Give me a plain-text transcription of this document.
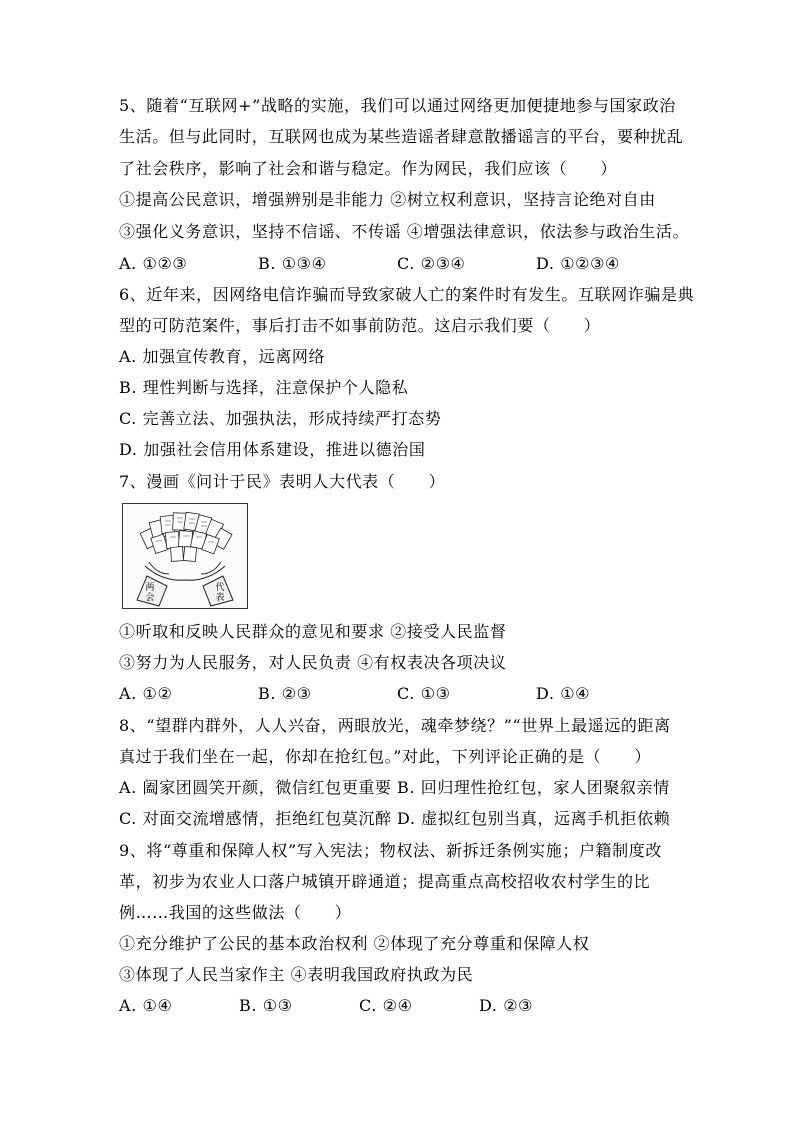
5、随着“互联网+”战略的实施，我们可以通过网络更加便捷地参与国家政治
生活。但与此同时，互联网也成为某些造谣者肆意散播谣言的平台，要种扰乱
了社会秩序，影响了社会和谐与稳定。作为网民，我们应该（　　）
①提高公民意识，增强辨别是非能力 ②树立权利意识，坚持言论绝对自由
③强化义务意识，坚持不信谣、不传谣 ④增强法律意识，依法参与政治生活。
A. ①②③	B. ①③④	C. ②③④	D. ①②③④
6、近年来，因网络电信诈骗而导致家破人亡的案件时有发生。互联网诈骗是典
型的可防范案件，事后打击不如事前防范。这启示我们要（　　）
A. 加强宣传教育，远离网络
B. 理性判断与选择，注意保护个人隐私
C. 完善立法、加强执法，形成持续严打态势
D. 加强社会信用体系建设，推进以德治国
7、漫画《问计于民》表明人大代表（　　）
两会
代表
①听取和反映人民群众的意见和要求 ②接受人民监督
③努力为人民服务，对人民负责 ④有权表决各项决议
A. ①②	B. ②③	C. ①③	D. ①④
8、“望群内群外，人人兴奋，两眼放光，魂牵梦绕？”“世界上最遥远的距离
真过于我们坐在一起，你却在抢红包。”对此，下列评论正确的是（　　）
A. 阖家团圆笑开颜，微信红包更重要 B. 回归理性抢红包，家人团聚叙亲情
C. 对面交流增感情，拒绝红包莫沉醉 D. 虚拟红包别当真，远离手机拒依赖
9、将“尊重和保障人权”写入宪法；物权法、新拆迁条例实施；户籍制度改
革，初步为农业人口落户城镇开辟通道；提高重点高校招收农村学生的比
例……我国的这些做法（　　）
①充分维护了公民的基本政治权利 ②体现了充分尊重和保障人权
③体现了人民当家作主 ④表明我国政府执政为民
A. ①④	B. ①③	C. ②④	D. ②③
